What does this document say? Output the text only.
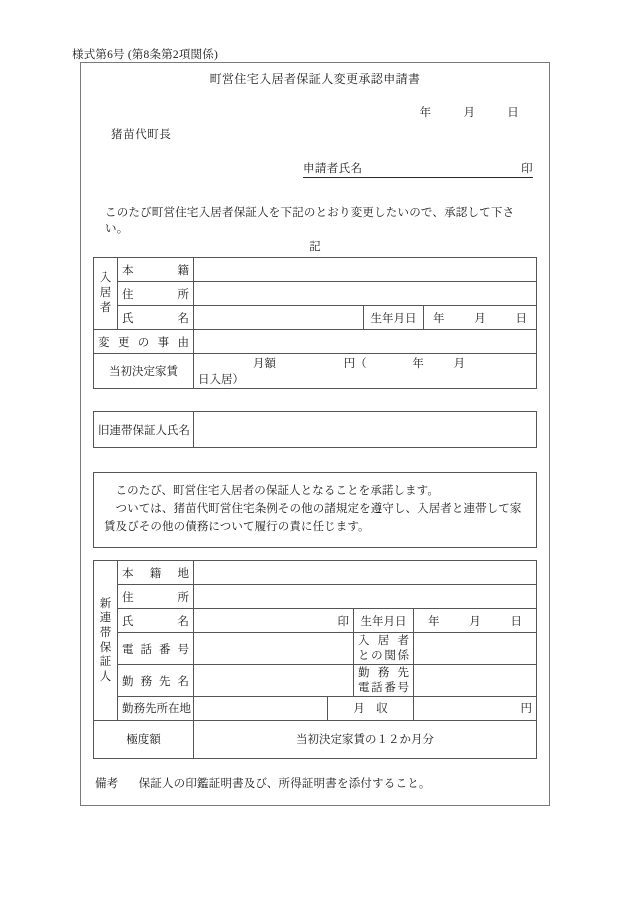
様式第6号 (第8条第2項関係)
町営住宅入居者保証人変更承認申請書
年	月	日
猪苗代町長
申請者氏名	印
このたび町営住宅入居者保証人を下記のとおり変更したいので、承認して下さい。
記
入
居
者	本　　籍			
	住　　所			
	氏　　名		生年月日	年 月 日
変 更 の 事 由				
当初決定家賃		月額 円（ 年 月  日入居）		
旧連帯保証人氏名	

このたび、町営住宅入居者の保証人となることを承諾します。

ついては、猪苗代町営住宅条例その他の諸規定を遵守し、入居者と連帯して家賃及びその他の債務について履行の責に任じます。

新
連
帯
保
証
人
	本　籍　地	
	住　　　所				
	氏　　　名	印		生年月日	年 月 日
	電 話 番 号			入 居 者
との関係	

	勤 務 先 名			勤 務 先
電話番号	

	勤務先所在地		月　収		円
極度額		当初決定家賃の１２か月分			
備考 保証人の印鑑証明書及び、所得証明書を添付すること。
